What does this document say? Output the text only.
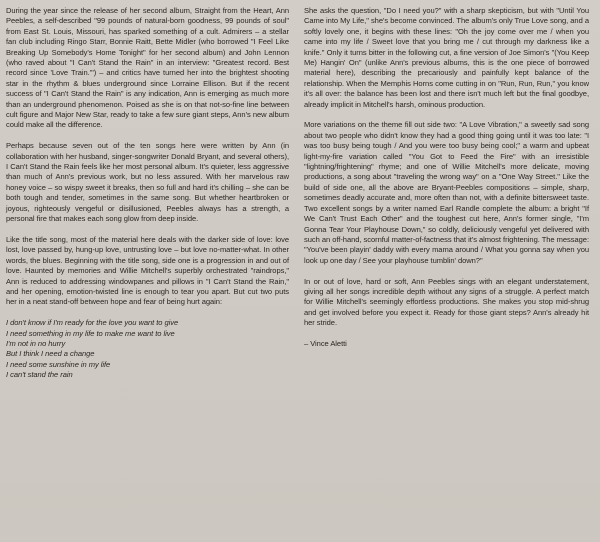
During the year since the release of her second album, Straight from the Heart, Ann Peebles, a self-described "99 pounds of natural-born goodness, 99 pounds of soul" from East St. Louis, Missouri, has sparked something of a cult. Admirers – a stellar fan club including Ringo Starr, Bonnie Raitt, Bette Midler (who borrowed "I Feel Like Breaking Up Somebody's Home Tonight" for her second album) and John Lennon (who raved about "I Can't Stand the Rain" in an interview: "Greatest record. Best record since 'Love Train.'") – and critics have turned her into the brightest shooting star in the rhythm & blues underground since Lorraine Ellison. But if the recent success of "I Can't Stand the Rain" is any indication, Ann is emerging as much more than an underground phenomenon. Poised as she is on that not-so-fine line between cult figure and Major New Star, ready to take a few sure giant steps, Ann's new album could make all the difference.

Perhaps because seven out of the ten songs here were written by Ann (in collaboration with her husband, singer-songwriter Donald Bryant, and several others), I Can't Stand the Rain feels like her most personal album. It's quieter, less aggressive than much of Ann's previous work, but no less assured. With her marvelous raw honey voice – so wispy sweet it breaks, then so full and hard it's chilling – she can be both tough and tender, sometimes in the same song. But whether heartbroken or joyous, righteously vengeful or disillusioned, Peebles always has a strength, a personal fire that makes each song glow from deep inside.

Like the title song, most of the material here deals with the darker side of love: love lost, love passed by, hung-up love, untrusting love – but love no-matter-what. In other words, the blues. Beginning with the title song, side one is a progression in and out of love. Haunted by memories and Willie Mitchell's superbly orchestrated "raindrops," Ann is reduced to addressing windowpanes and pillows in "I Can't Stand the Rain," and her opening, emotion-twisted line is enough to tear you apart. But cut two puts her in a neat stand-off between hope and fear of being hurt again:

I don't know if I'm ready for the love you want to give
I need something in my life to make me want to live
I'm not in no hurry
But I think I need a change
I need some sunshine in my life
I can't stand the rain

She asks the question, "Do I need you?" with a sharp skepticism, but with "Until You Came into My Life," she's become convinced. The album's only True Love song, and a softly lovely one, it begins with these lines: "Oh the joy come over me / when you came into my life / Sweet love that you bring me / cut through my darkness like a knife." Only it turns bitter in the following cut, a fine version of Joe Simon's "(You Keep Me) Hangin' On" (unlike Ann's previous albums, this is the one piece of borrowed material here), describing the precariously and painfully kept balance of the relationship. When the Memphis Horns come cutting in on "Run, Run, Run," you know it's all over: the balance has been lost and there isn't much left but the final goodbye, already implicit in Mitchell's harsh, ominous production.

More variations on the theme fill out side two: "A Love Vibration," a sweetly sad song about two people who didn't know they had a good thing going until it was too late: "I was too busy being tough / And you were too busy being cool;" a warm and upbeat light-my-fire variation called "You Got to Feed the Fire" with an irresistible "lightning/frightening" rhyme; and one of Willie Mitchell's more delicate, moving productions, a song about "traveling the wrong way" on a "One Way Street." Like the build of side one, all the above are Bryant-Peebles compositions – simple, sharp, sometimes deadly accurate and, more often than not, with a definite bittersweet taste. Two excellent songs by a writer named Earl Randle complete the album: a bright "If We Can't Trust Each Other" and the toughest cut here, Ann's former single, "I'm Gonna Tear Your Playhouse Down," so coldly, deliciously vengeful yet delivered with such an off-hand, scornful matter-of-factness that it's almost frightening. The message: "You've been playin' daddy with every mama around / What you gonna say when you look up one day / See your playhouse tumblin' down?"

In or out of love, hard or soft, Ann Peebles sings with an elegant understatement, giving all her songs incredible depth without any signs of a struggle. A perfect match for Willie Mitchell's seemingly effortless productions. She makes you stop mid-shrug and get involved before you expect it. Ready for those giant steps? Ann's already hit her stride.

– Vince Aletti
